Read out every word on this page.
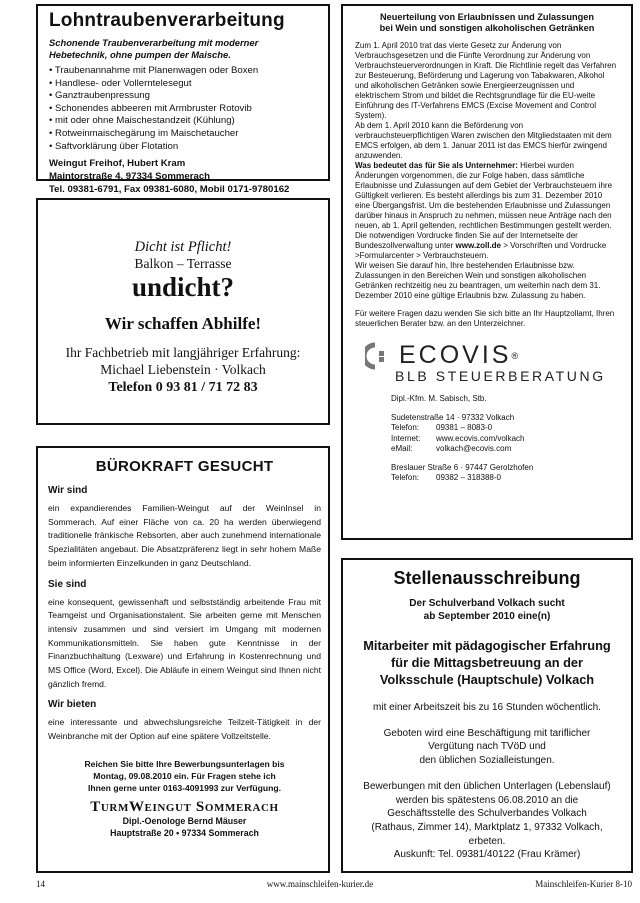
Lohntraubenverarbeitung
Schonende Traubenverarbeitung mit moderner Hebetechnik, ohne pumpen der Maische.
• Traubenannahme mit Planenwagen oder Boxen
• Handlese- oder Vollerntelesegut
• Ganztraubenpressung
• Schonendes abbeeren mit Armbruster Rotovib
• mit oder ohne Maischestandzeit (Kühlung)
• Rotweinmaischegärung im Maischetaucher
• Saftvorklärung über Flotation
Weingut Freihof, Hubert Kram
Maintorstraße 4, 97334 Sommerach
Tel. 09381-6791, Fax 09381-6080, Mobil 0171-9780162
Dicht ist Pflicht!
Balkon – Terrasse
undicht?
Wir schaffen Abhilfe!
Ihr Fachbetrieb mit langjähriger Erfahrung:
Michael Liebenstein · Volkach
Telefon 0 93 81 / 71 72 83
BÜROKRAFT GESUCHT
Wir sind
ein expandierendes Familien-Weingut auf der WeinInsel in Sommerach. Auf einer Fläche von ca. 20 ha werden überwiegend traditionelle fränkische Rebsorten, aber auch zunehmend internationale Spezialitäten angebaut. Die Absatzpräferenz liegt in sehr hohem Maße beim informierten Einzelkunden in ganz Deutschland.
Sie sind
eine konsequent, gewissenhaft und selbstständig arbeitende Frau mit Teamgeist und Organisationstalent. Sie arbeiten gerne mit Menschen intensiv zusammen und sind versiert im Umgang mit modernen Kommunikationsmitteln. Sie haben gute Kenntnisse in der Finanzbuchhaltung (Lexware) und Erfahrung in Kostenrechnung und MS Office (Word, Excel). Die Abläufe in einem Weingut sind Ihnen nicht gänzlich fremd.
Wir bieten
eine interessante und abwechslungsreiche Teilzeit-Tätigkeit in der Weinbranche mit der Option auf eine spätere Vollzeitstelle.
Reichen Sie bitte Ihre Bewerbungsunterlagen bis
Montag, 09.08.2010 ein. Für Fragen stehe ich
Ihnen gerne unter 0163-4091993 zur Verfügung.
TurmWeingut Sommerach
Dipl.-Oenologe Bernd Mäuser
Hauptstraße 20 • 97334 Sommerach
Neuerteilung von Erlaubnissen und Zulassungen
bei Wein und sonstigen alkoholischen Getränken
Zum 1. April 2010 trat das vierte Gesetz zur Änderung von Verbrauchsgesetzen und die Fünfte Verordnung zur Änderung von Verbrauchsteuerverordnungen in Kraft. Die Richtlinie regelt das Verfahren zur Besteuerung, Beförderung und Lagerung von Tabakwaren, Alkohol und alkoholischen Getränken sowie Energieerzeugnissen und elektrischem Strom und bildet die Rechtsgrundlage für die EU-weite Einführung des IT-Verfahrens EMCS (Excise Movement and Control System).
Ab dem 1. April 2010 kann die Beförderung von verbrauchsteuerpflichtigen Waren zwischen den Mitgliedstaaten mit dem EMCS erfolgen, ab dem 1. Januar 2011 ist das EMCS hierfür zwingend anzuwenden.
Was bedeutet das für Sie als Unternehmer: Hierbei wurden Änderungen vorgenommen, die zur Folge haben, dass sämtliche Erlaubnisse und Zulassungen auf dem Gebiet der Verbrauchsteuern ihre Gültigkeit verlieren. Es besteht allerdings bis zum 31. Dezember 2010 eine Übergangsfrist. Um die bestehenden Erlaubnisse und Zulassungen darüber hinaus in Anspruch zu nehmen, müssen neue Anträge nach den neuen, ab 1. April geltenden, rechtlichen Bestimmungen gestellt werden.
Die notwendigen Vordrucke finden Sie auf der Internetseite der Bundeszollverwaltung unter www.zoll.de > Vorschriften und Vordrucke >Formularcenter > Verbrauchsteuern.
Wir weisen Sie darauf hin, Ihre bestehenden Erlaubnisse bzw. Zulassungen in den Bereichen Wein und sonstigen alkoholischen Getränken rechtzeitig neu zu beantragen, um weiterhin nach dem 31. Dezember 2010 eine gültige Erlaubnis bzw. Zulassung zu haben.
Für weitere Fragen dazu wenden Sie sich bitte an Ihr Hauptzollamt, Ihren steuerlichen Berater bzw. an den Unterzeichner.
ECOVIS ®
BLB STEUERBERATUNG
Dipl.-Kfm. M. Sabisch, Stb.
Sudetenstraße 14 · 97332 Volkach
Telefon:	09381 – 8083-0
Internet:	www.ecovis.com/volkach
eMail:	volkach@ecovis.com
Breslauer Straße 6 · 97447 Gerolzhofen
Telefon:	09382 – 318388-0
Stellenausschreibung
Der Schulverband Volkach sucht
ab September 2010 eine(n)
Mitarbeiter mit pädagogischer Erfahrung
für die Mittagsbetreuung an der
Volksschule (Hauptschule) Volkach
mit einer Arbeitszeit bis zu 16 Stunden wöchentlich.
Geboten wird eine Beschäftigung mit tariflicher
Vergütung nach TVöD und
den üblichen Sozialleistungen.
Bewerbungen mit den üblichen Unterlagen (Lebenslauf)
werden bis spätestens 06.08.2010 an die
Geschäftsstelle des Schulverbandes Volkach
(Rathaus, Zimmer 14), Marktplatz 1, 97332 Volkach,
erbeten.
Auskunft: Tel. 09381/40122 (Frau Krämer)
14	www.mainschleifen-kurier.de	Mainschleifen-Kurier 8-10
